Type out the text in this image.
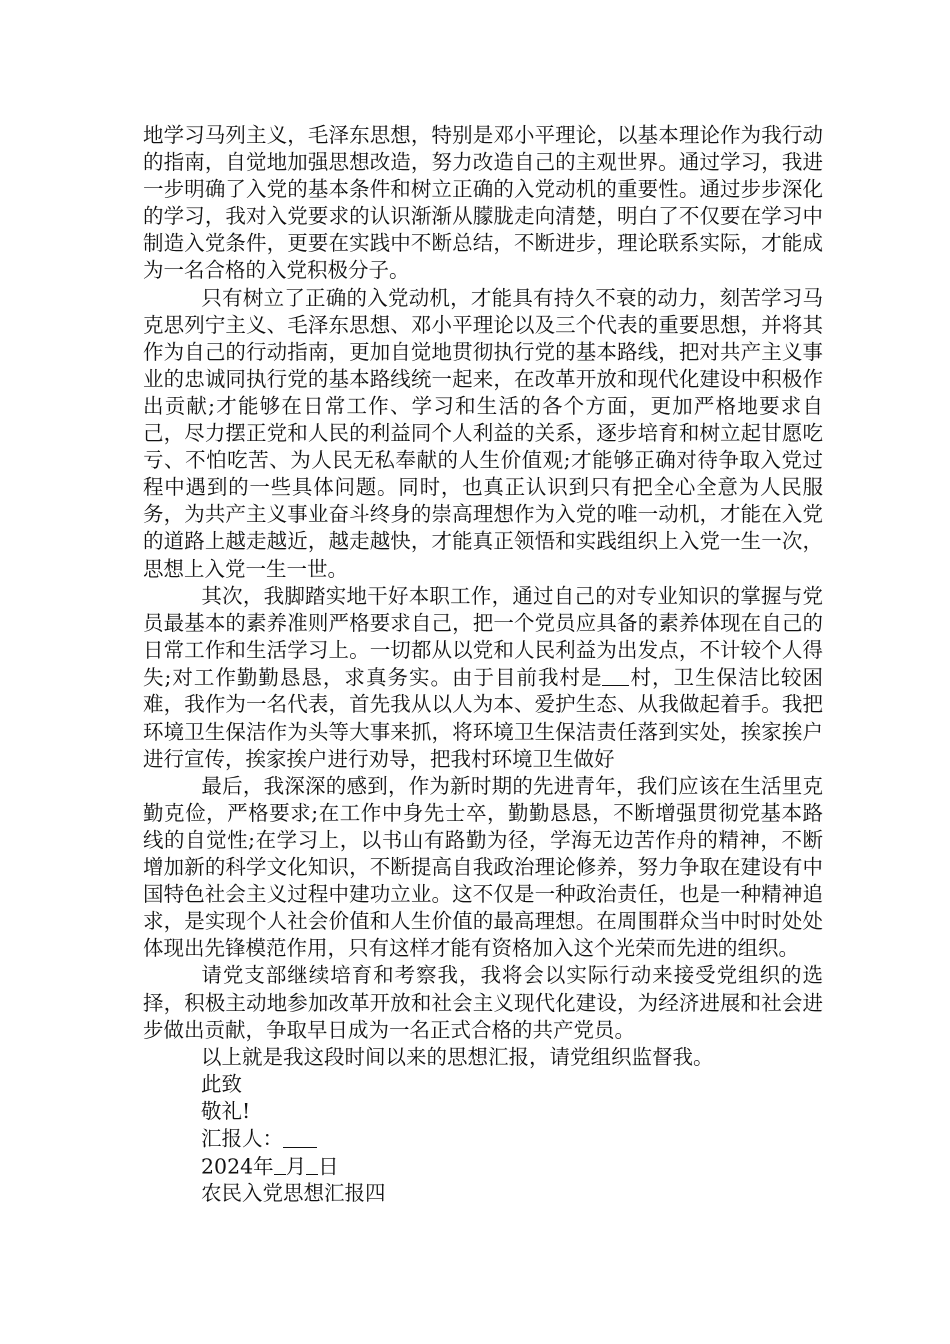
地学习马列主义，毛泽东思想，特别是邓小平理论，以基本理论作为我行动的指南，自觉地加强思想改造，努力改造自己的主观世界。通过学习，我进一步明确了入党的基本条件和树立正确的入党动机的重要性。通过步步深化的学习，我对入党要求的认识渐渐从朦胧走向清楚，明白了不仅要在学习中制造入党条件，更要在实践中不断总结，不断进步，理论联系实际，才能成为一名合格的入党积极分子。

只有树立了正确的入党动机，才能具有持久不衰的动力，刻苦学习马克思列宁主义、毛泽东思想、邓小平理论以及三个代表的重要思想，并将其作为自己的行动指南，更加自觉地贯彻执行党的基本路线，把对共产主义事业的忠诚同执行党的基本路线统一起来，在改革开放和现代化建设中积极作出贡献;才能够在日常工作、学习和生活的各个方面，更加严格地要求自己，尽力摆正党和人民的利益同个人利益的关系，逐步培育和树立起甘愿吃亏、不怕吃苦、为人民无私奉献的人生价值观;才能够正确对待争取入党过程中遇到的一些具体问题。同时，也真正认识到只有把全心全意为人民服务，为共产主义事业奋斗终身的崇高理想作为入党的唯一动机，才能在入党的道路上越走越近，越走越快，才能真正领悟和实践组织上入党一生一次，思想上入党一生一世。

其次，我脚踏实地干好本职工作，通过自己的对专业知识的掌握与党员最基本的素养准则严格要求自己，把一个党员应具备的素养体现在自己的日常工作和生活学习上。一切都从以党和人民利益为出发点，不计较个人得失;对工作勤勤恳恳，求真务实。由于目前我村是 村，卫生保洁比较困难，我作为一名代表，首先我从以人为本、爱护生态、从我做起着手。我把环境卫生保洁作为头等大事来抓，将环境卫生保洁责任落到实处，挨家挨户进行宣传，挨家挨户进行劝导，把我村环境卫生做好

最后，我深深的感到，作为新时期的先进青年，我们应该在生活里克勤克俭，严格要求;在工作中身先士卒，勤勤恳恳，不断增强贯彻党基本路线的自觉性;在学习上，以书山有路勤为径，学海无边苦作舟的精神，不断增加新的科学文化知识，不断提高自我政治理论修养，努力争取在建设有中国特色社会主义过程中建功立业。这不仅是一种政治责任，也是一种精神追求，是实现个人社会价值和人生价值的最高理想。在周围群众当中时时处处体现出先锋模范作用，只有这样才能有资格加入这个光荣而先进的组织。

请党支部继续培育和考察我，我将会以实际行动来接受党组织的选择，积极主动地参加改革开放和社会主义现代化建设，为经济进展和社会进步做出贡献，争取早日成为一名正式合格的共产党员。

以上就是我这段时间以来的思想汇报，请党组织监督我。

此致

敬礼!

汇报人：

2024年 月 日

农民入党思想汇报四
